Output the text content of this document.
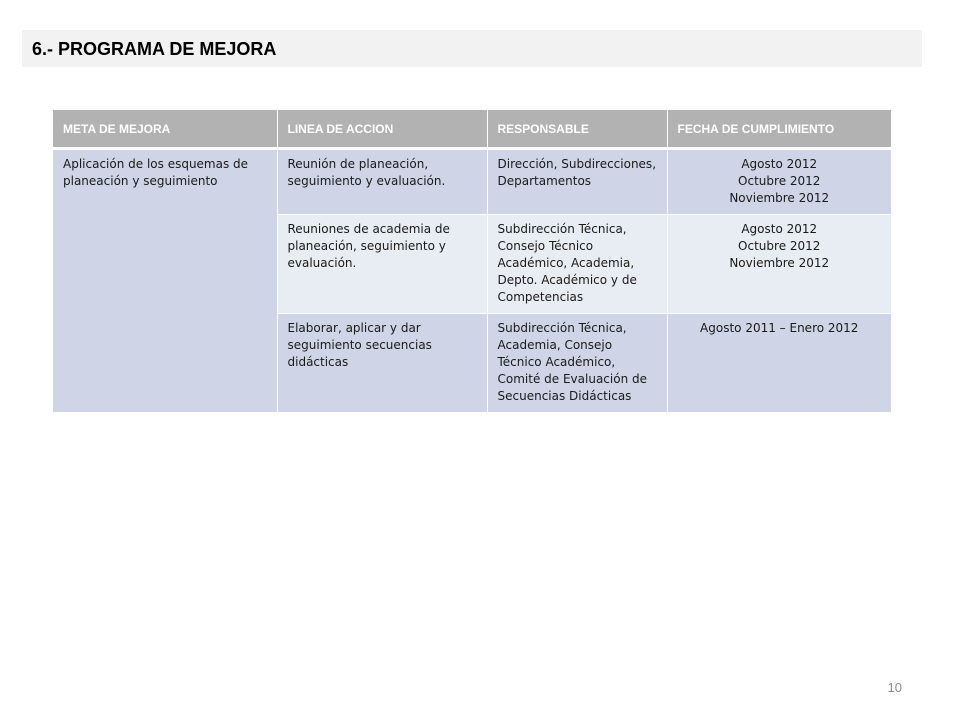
6.- PROGRAMA DE MEJORA
META DE MEJORA	LINEA DE ACCION	RESPONSABLE	FECHA DE CUMPLIMIENTO
Aplicación de los esquemas de planeación y seguimiento	Reunión de planeación, seguimiento y evaluación.	Dirección, Subdirecciones, Departamentos	Agosto 2012
Octubre 2012
Noviembre 2012

	Reuniones de academia de planeación, seguimiento y evaluación.	Subdirección Técnica, Consejo Técnico Académico, Academia, Depto. Académico y de Competencias	Agosto 2012
Octubre 2012
Noviembre 2012

	Elaborar, aplicar y dar seguimiento secuencias didácticas	Subdirección Técnica, Academia, Consejo Técnico Académico, Comité de Evaluación de Secuencias Didácticas	Agosto 2011 – Enero 2012
10
